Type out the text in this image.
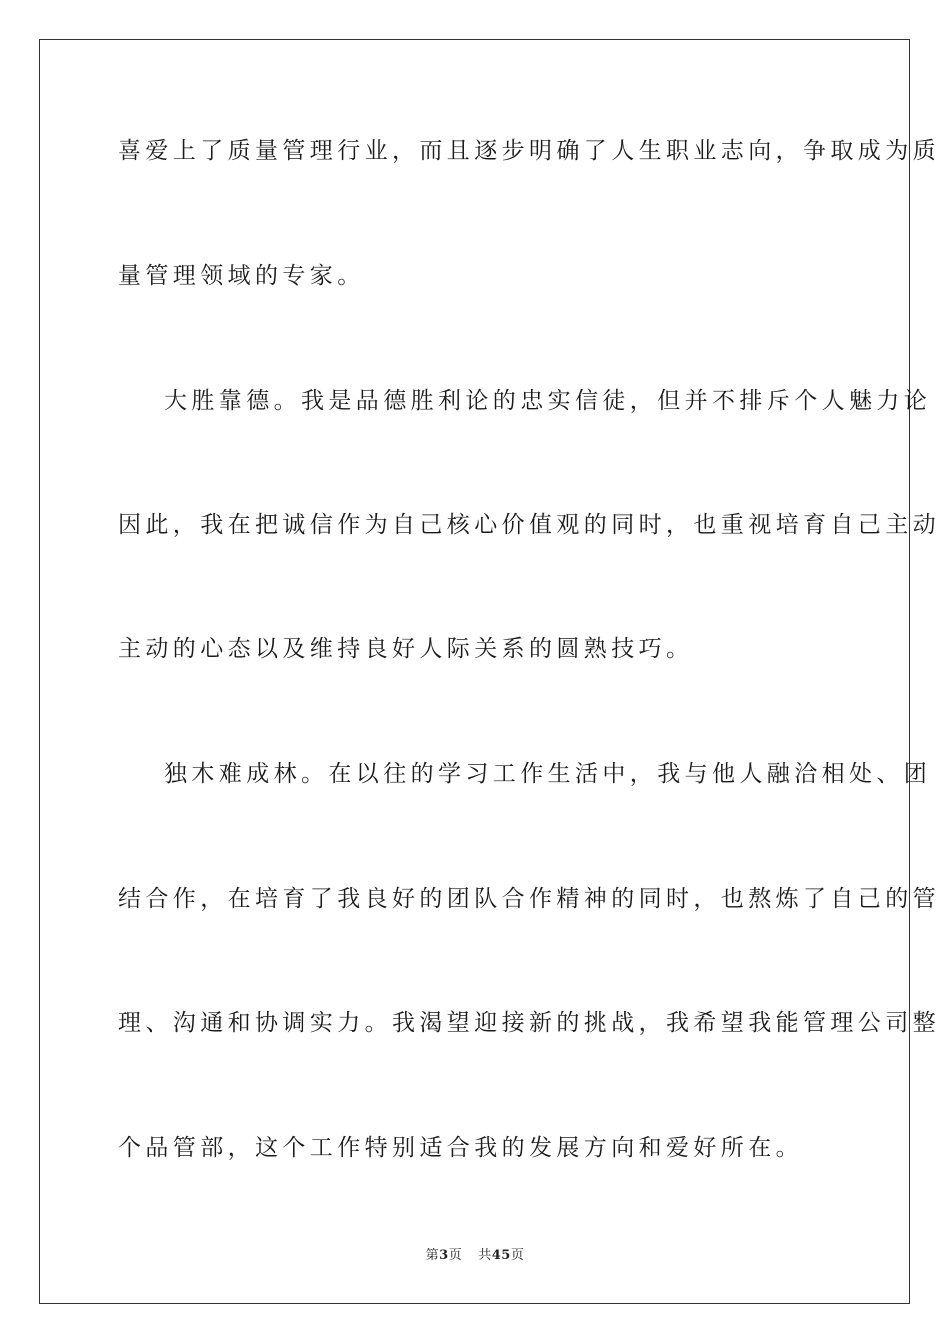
喜爱上了质量管理行业，而且逐步明确了人生职业志向，争取成为质
量管理领域的专家。
大胜靠德。我是品德胜利论的忠实信徒，但并不排斥个人魅力论
因此，我在把诚信作为自己核心价值观的同时，也重视培育自己主动
主动的心态以及维持良好人际关系的圆熟技巧。
独木难成林。在以往的学习工作生活中，我与他人融洽相处、团
结合作，在培育了我良好的团队合作精神的同时，也熬炼了自己的管
理、沟通和协调实力。我渴望迎接新的挑战，我希望我能管理公司整
个品管部，这个工作特别适合我的发展方向和爱好所在。
第3页 共45页
